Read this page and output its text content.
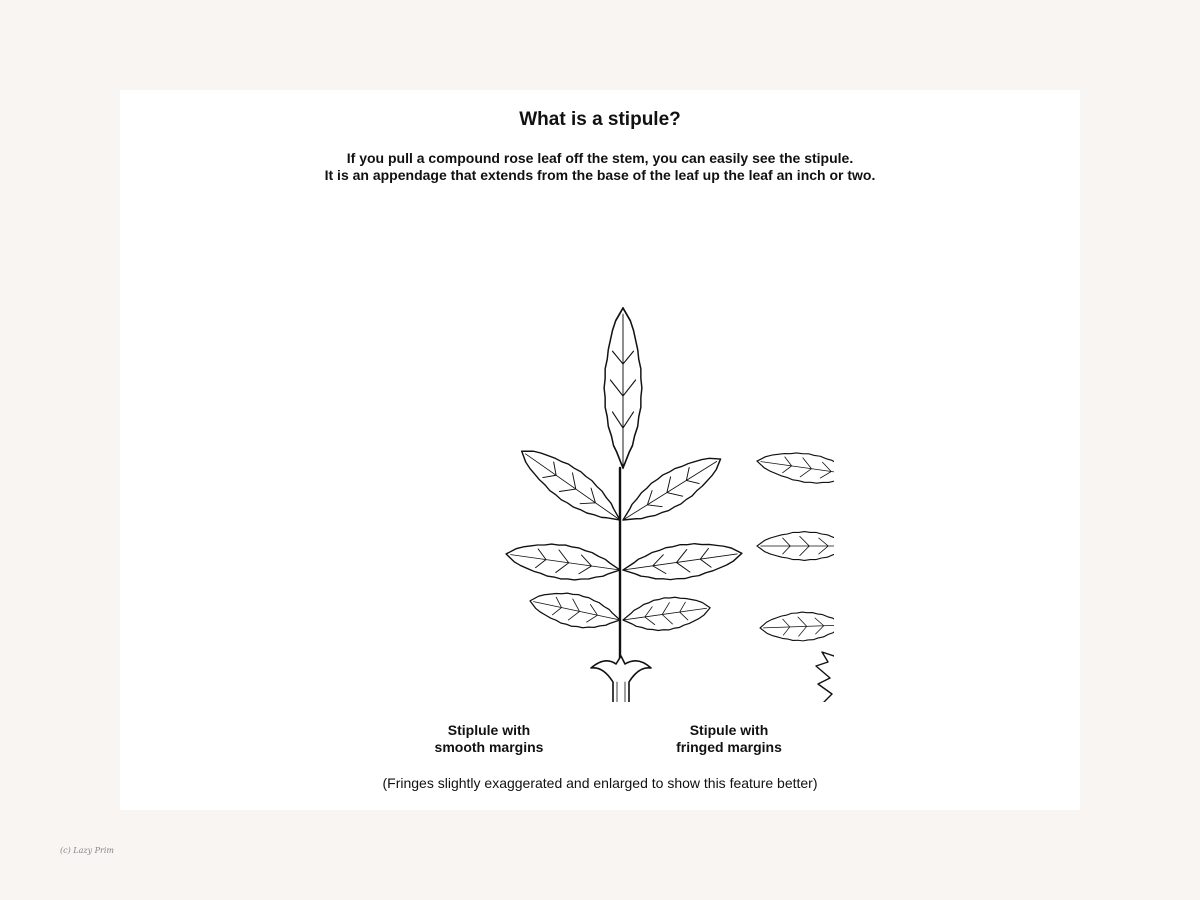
What is a stipule?
If you pull a compound rose leaf off the stem, you can easily see the stipule.
It is an appendage that extends from the base of the leaf up the leaf an inch or two.
Stiplule with
smooth margins
Stipule with
fringed margins
(Fringes slightly exaggerated and enlarged to show this feature better)
(c) Lazy Prim
